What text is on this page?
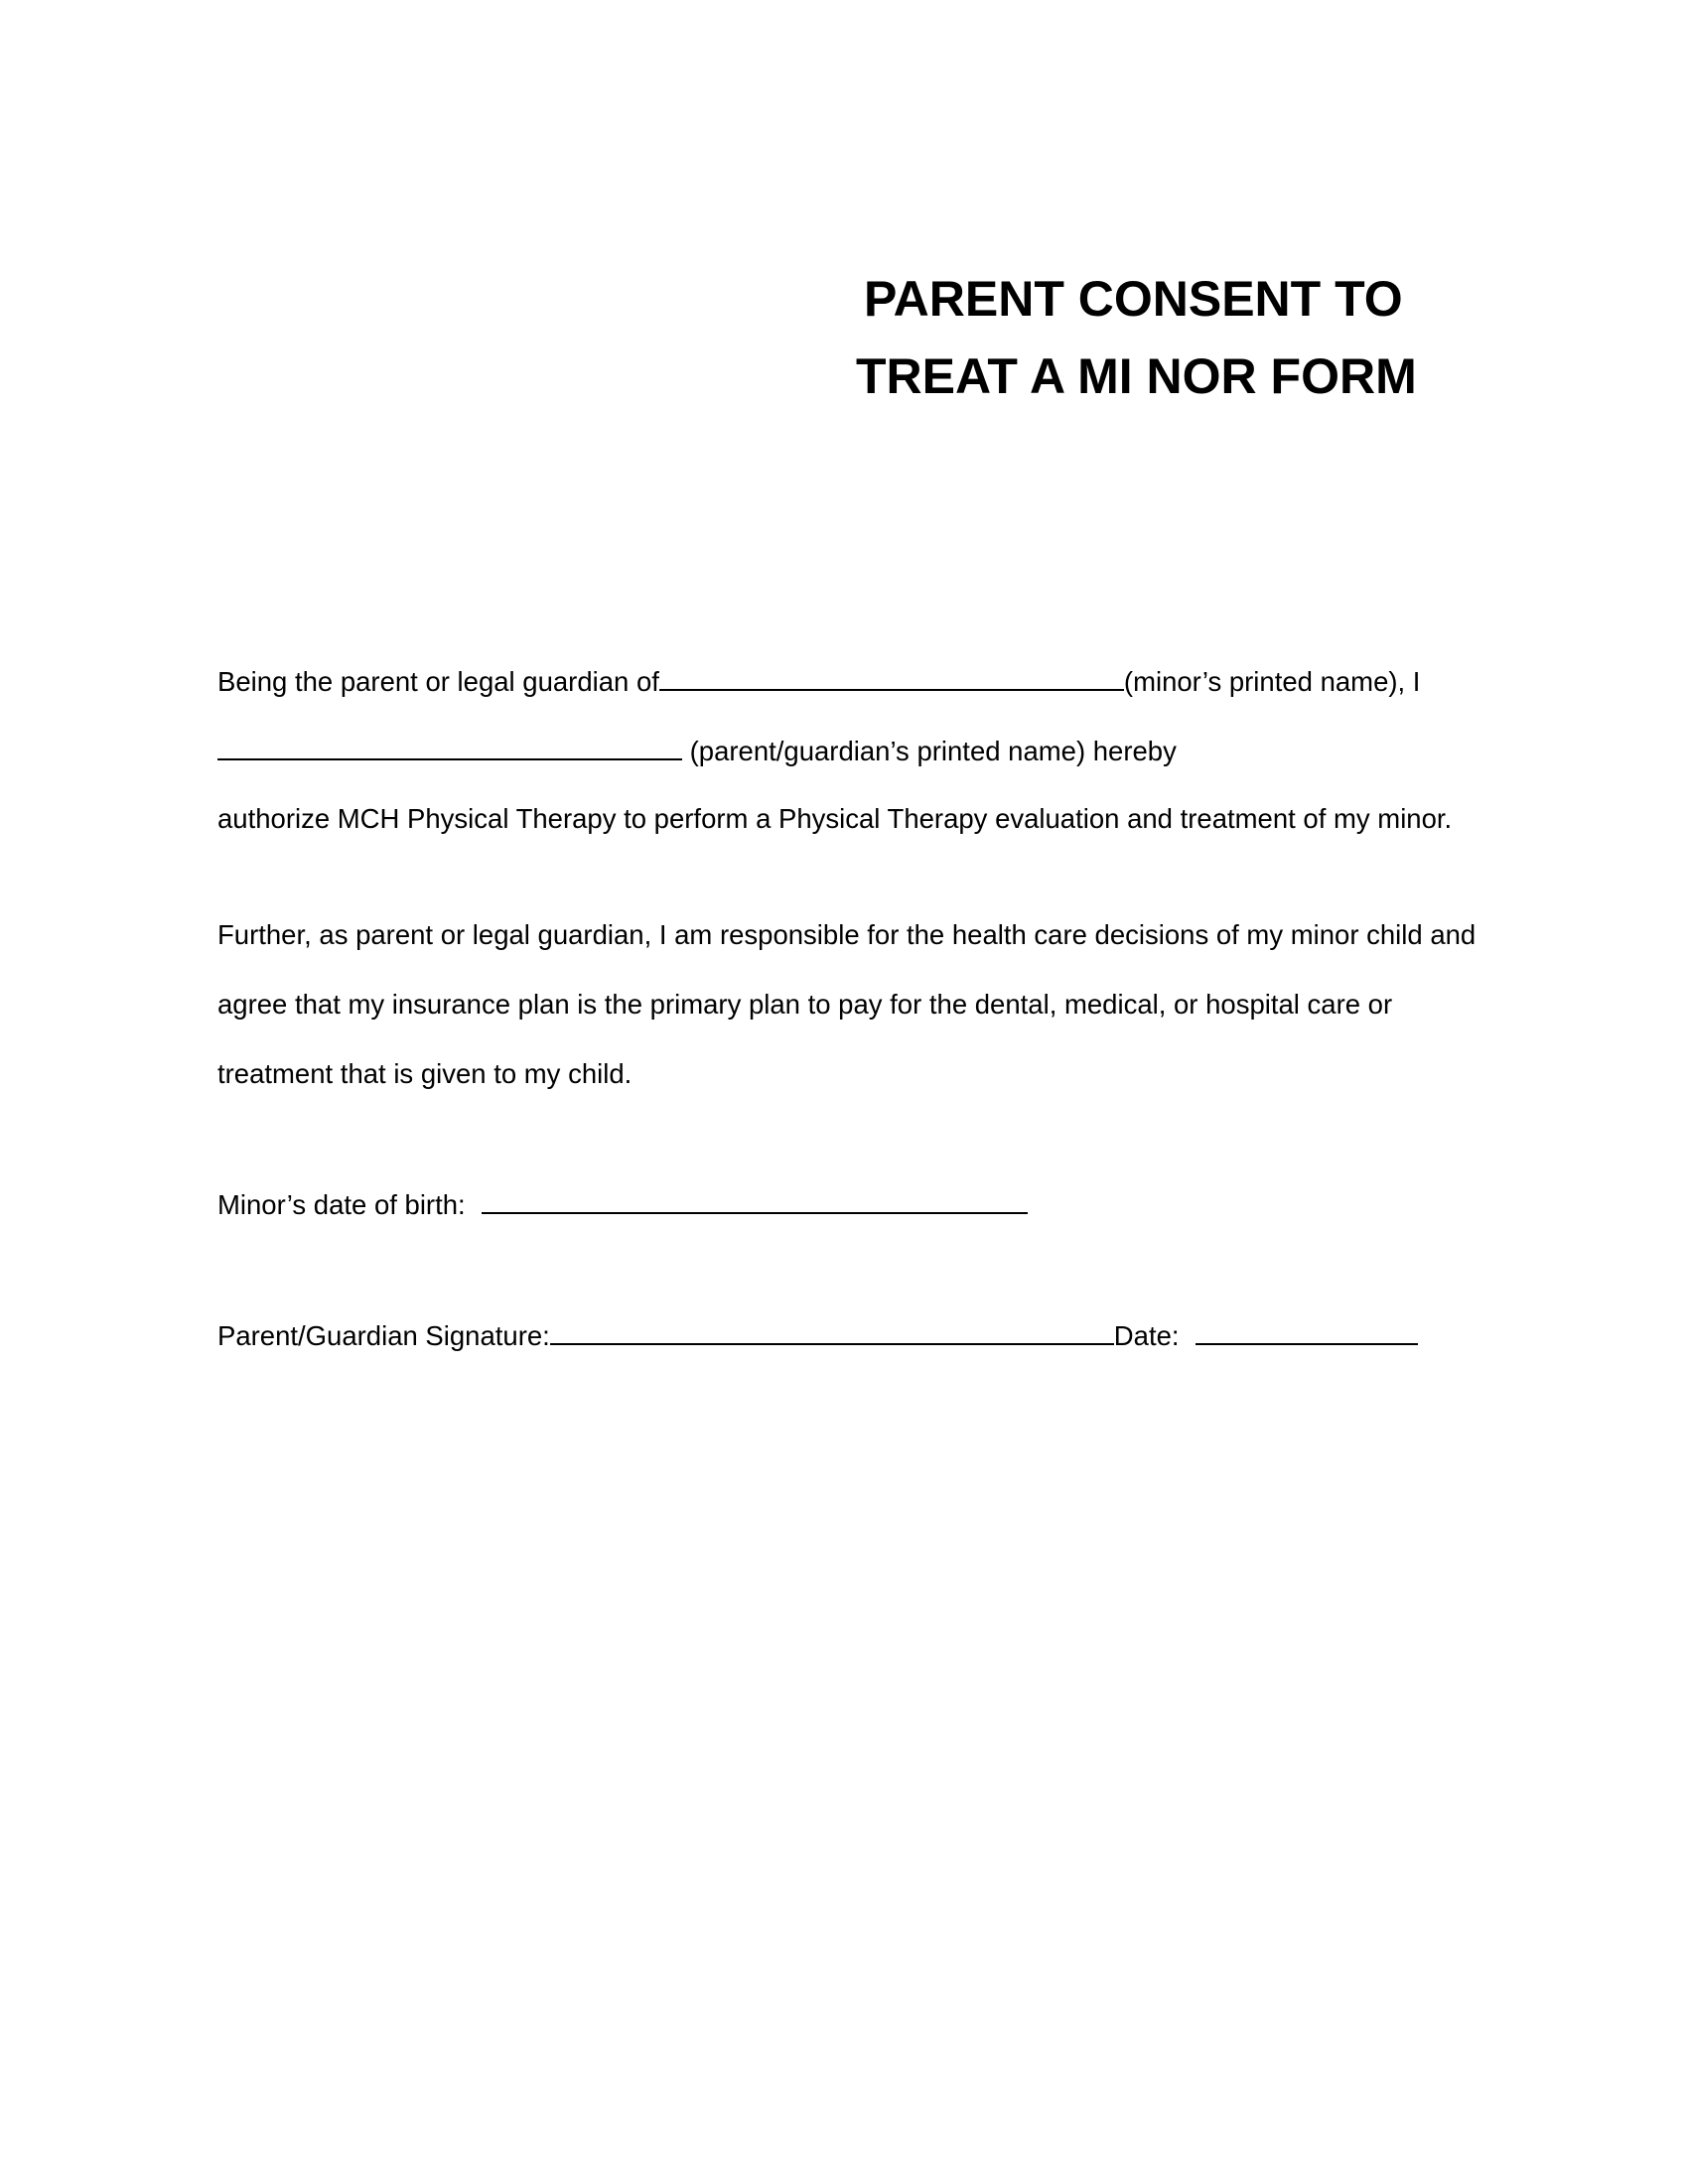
PARENT CONSENT TO
TREAT A MI NOR FORM
Being the parent or legal guardian of	(minor’s printed name), I
(parent/guardian’s printed name) hereby
authorize MCH Physical Therapy to perform a Physical Therapy evaluation and treatment of my minor.
Further, as parent or legal guardian, I am responsible for the health care decisions of my minor child and
agree that my insurance plan is the primary plan to pay for the dental, medical, or hospital care or
treatment that is given to my child.
Minor’s date of birth:
Parent/Guardian Signature:	Date:
